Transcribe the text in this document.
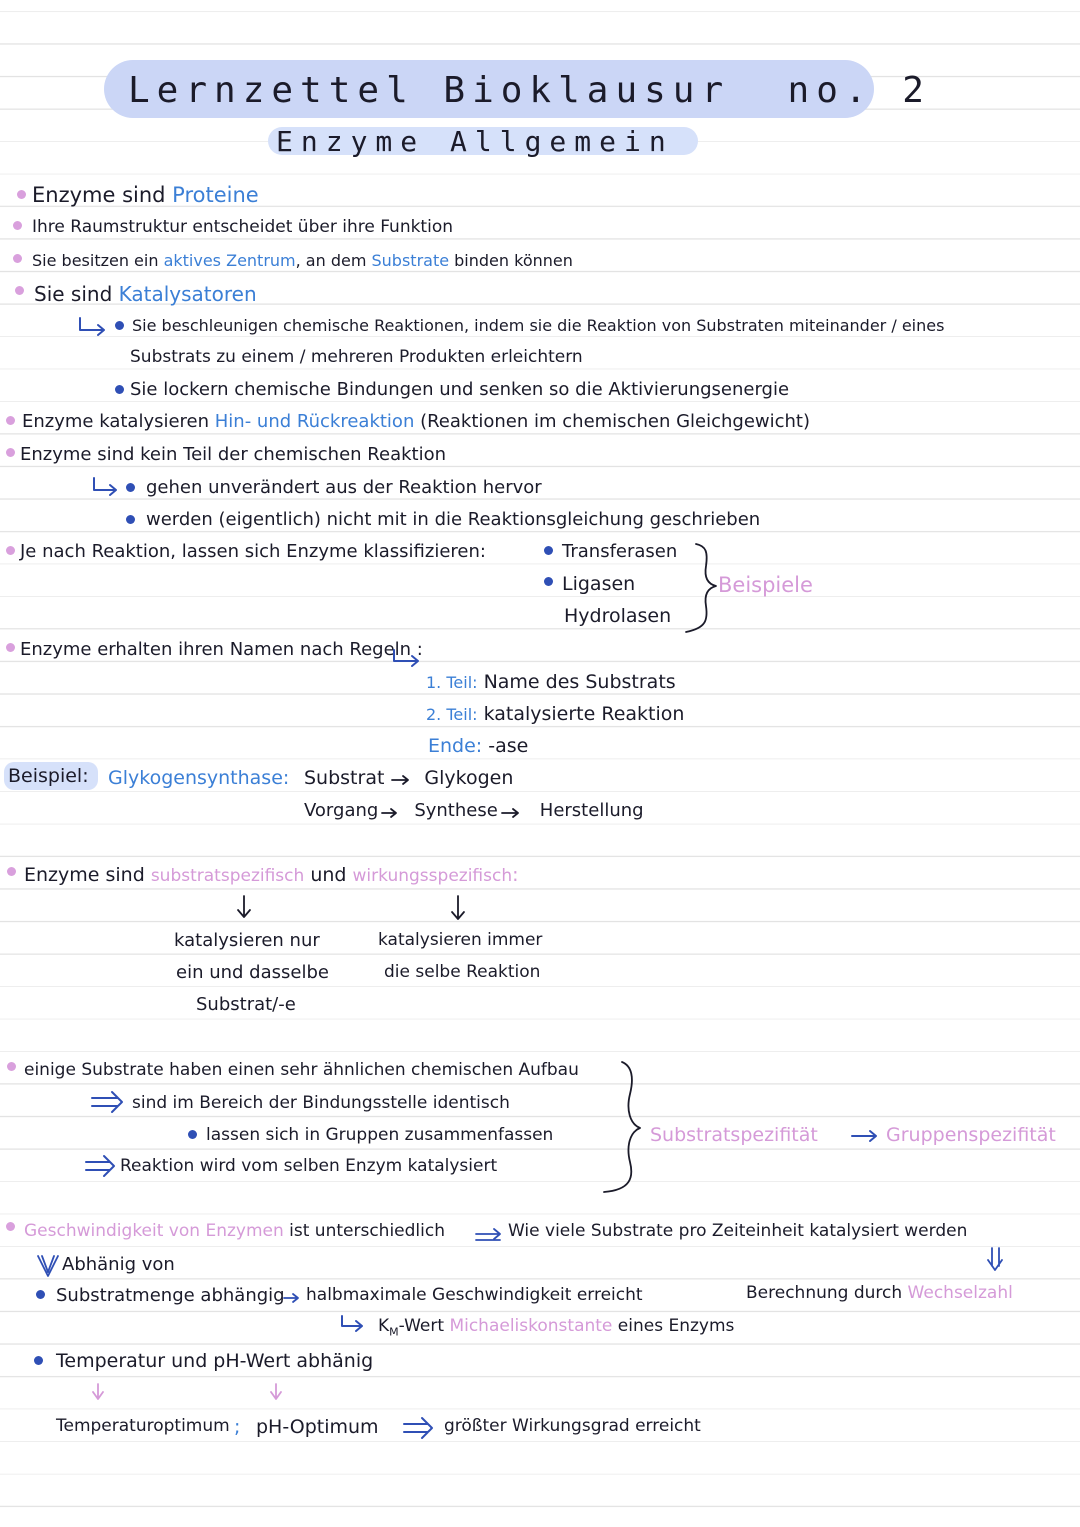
Lernzettel Bioklausur no. 2
Enzyme Allgemein
Enzyme sind Proteine
Ihre Raumstruktur entscheidet über ihre Funktion
Sie besitzen ein aktives Zentrum, an dem Substrate binden können
Sie sind Katalysatoren
Sie beschleunigen chemische Reaktionen, indem sie die Reaktion von Substraten miteinander / eines
Substrats zu einem / mehreren Produkten erleichtern
Sie lockern chemische Bindungen und senken so die Aktivierungsenergie
Enzyme katalysieren Hin- und Rückreaktion (Reaktionen im chemischen Gleichgewicht)
Enzyme sind kein Teil der chemischen Reaktion
gehen unverändert aus der Reaktion hervor
werden (eigentlich) nicht mit in die Reaktionsgleichung geschrieben
Je nach Reaktion, lassen sich Enzyme klassifizieren:	Transferasen
Ligasen
Hydrolasen
Beispiele
Enzyme erhalten ihren Namen nach Regeln :
1. Teil: Name des Substrats
2. Teil: katalysierte Reaktion
Ende: -ase
Beispiel: Glykogensynthase: Substrat Glykogen
Vorgang Synthese Herstellung
Enzyme sind substratspezifisch und wirkungsspezifisch:
katalysieren nur
ein und dasselbe
Substrat/-e
katalysieren immer
die selbe Reaktion
einige Substrate haben einen sehr ähnlichen chemischen Aufbau
sind im Bereich der Bindungsstelle identisch
lassen sich in Gruppen zusammenfassen
Reaktion wird vom selben Enzym katalysiert
Substratspezifität	Gruppenspezifität
Geschwindigkeit von Enzymen ist unterschiedlich	Wie viele Substrate pro Zeiteinheit katalysiert werden
Abhänig von
Berechnung durch Wechselzahl
Substratmenge abhängig halbmaximale Geschwindigkeit erreicht
$K_M$-Wert Michaeliskonstante eines Enzyms
Temperatur und pH-Wert abhänig
Temperaturoptimum ; pH-Optimum	größter Wirkungsgrad erreicht
